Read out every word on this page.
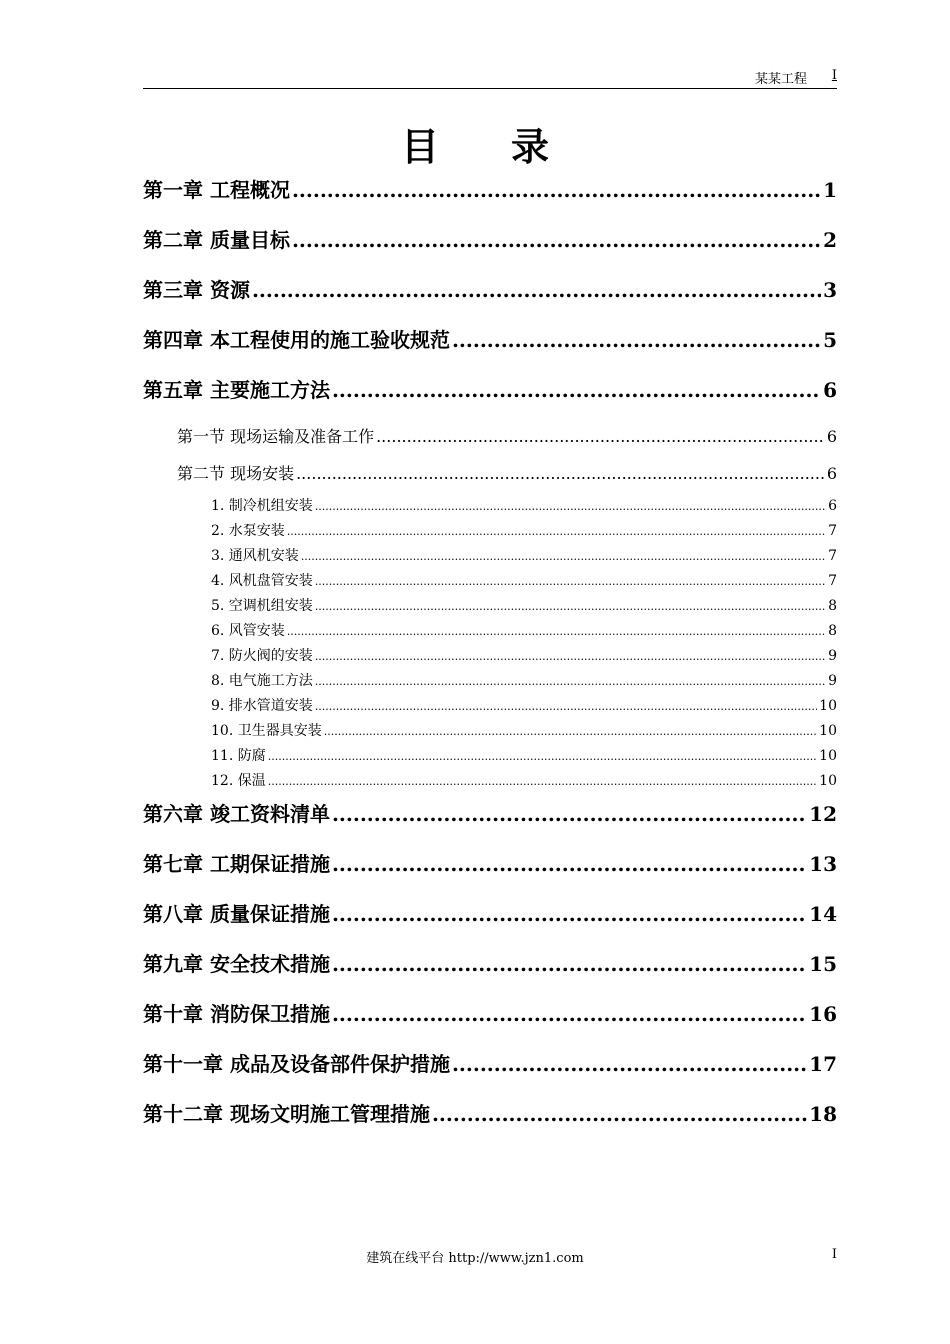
某某工程 I
目录
第一章 工程概况 .....	1
第二章 质量目标 .....	2
第三章 资源 .....	3
第四章 本工程使用的施工验收规范 .....	5
第五章 主要施工方法 .....	6
第一节 现场运输及准备工作 .....	6
第二节 现场安装 .....	6
1. 制冷机组安装 .....	6
2. 水泵安装 .....	7
3. 通风机安装 .....	7
4. 风机盘管安装 .....	7
5. 空调机组安装 .....	8
6. 风管安装 .....	8
7. 防火阀的安装 .....	9
8. 电气施工方法 .....	9
9. 排水管道安装 .....	10
10. 卫生器具安装 .....	10
11. 防腐 .....	10
12. 保温 .....	10
第六章 竣工资料清单 .....	12
第七章 工期保证措施 .....	13
第八章 质量保证措施 .....	14
第九章 安全技术措施 .....	15
第十章 消防保卫措施 .....	16
第十一章 成品及设备部件保护措施 .....	17
第十二章 现场文明施工管理措施 .....	18
建筑在线平台 http://www.jzn1.com	I
